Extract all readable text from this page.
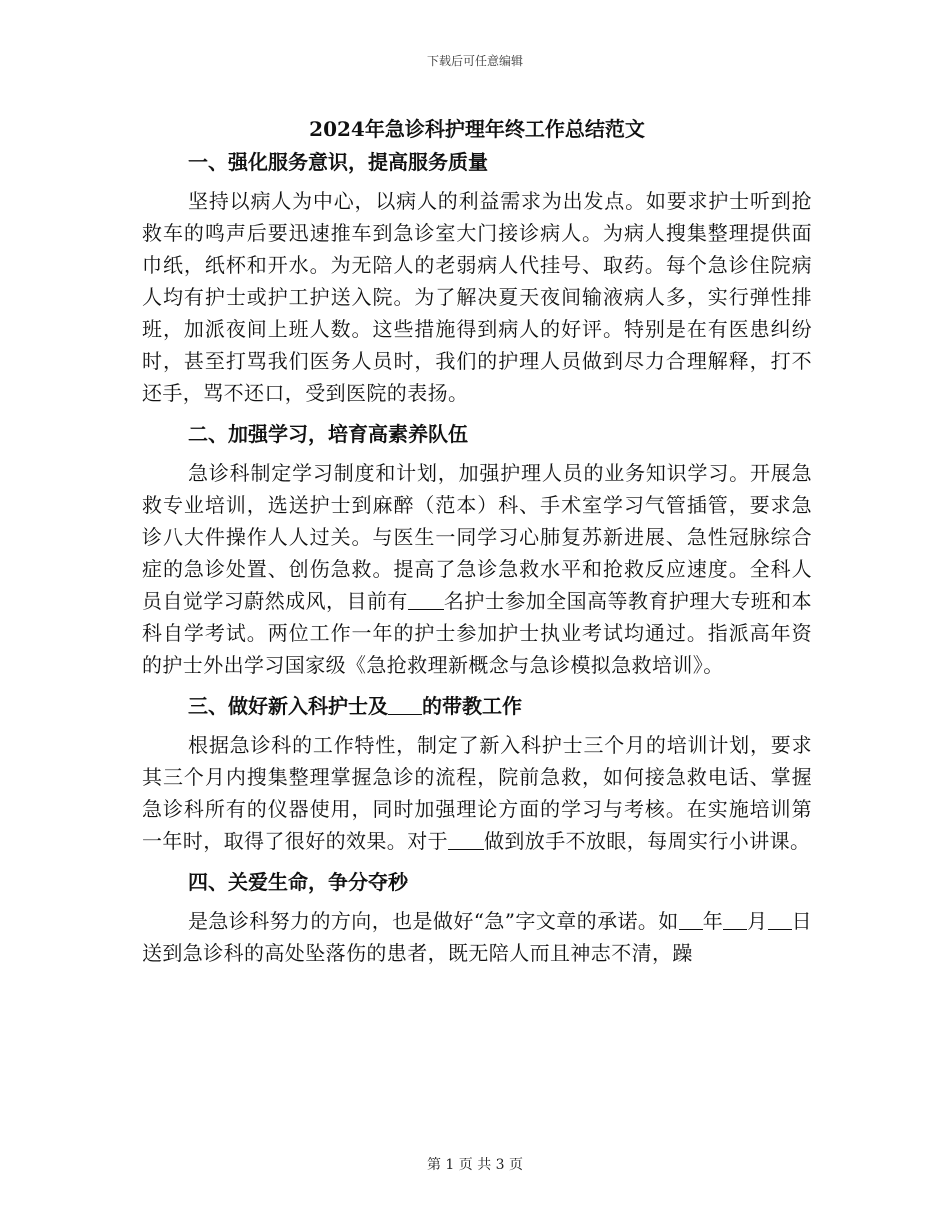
下载后可任意编辑
2024年急诊科护理年终工作总结范文
一、强化服务意识，提高服务质量

坚持以病人为中心，以病人的利益需求为出发点。如要求护士听到抢救车的鸣声后要迅速推车到急诊室大门接诊病人。为病人搜集整理提供面巾纸，纸杯和开水。为无陪人的老弱病人代挂号、取药。每个急诊住院病人均有护士或护工护送入院。为了解决夏天夜间输液病人多，实行弹性排班，加派夜间上班人数。这些措施得到病人的好评。特别是在有医患纠纷时，甚至打骂我们医务人员时，我们的护理人员做到尽力合理解释，打不还手，骂不还口，受到医院的表扬。

二、加强学习，培育高素养队伍

急诊科制定学习制度和计划，加强护理人员的业务知识学习。开展急救专业培训，选送护士到麻醉（范本）科、手术室学习气管插管，要求急诊八大件操作人人过关。与医生一同学习心肺复苏新进展、急性冠脉综合症的急诊处置、创伤急救。提高了急诊急救水平和抢救反应速度。全科人员自觉学习蔚然成风，目前有 名护士参加全国高等教育护理大专班和本科自学考试。两位工作一年的护士参加护士执业考试均通过。指派高年资的护士外出学习国家级《急抢救理新概念与急诊模拟急救培训》。

三、做好新入科护士及 的带教工作

根据急诊科的工作特性，制定了新入科护士三个月的培训计划，要求其三个月内搜集整理掌握急诊的流程，院前急救，如何接急救电话、掌握急诊科所有的仪器使用，同时加强理论方面的学习与考核。在实施培训第一年时，取得了很好的效果。对于 做到放手不放眼，每周实行小讲课。

四、关爱生命，争分夺秒

是急诊科努力的方向，也是做好“急”字文章的承诺。如 年 月 日送到急诊科的高处坠落伤的患者，既无陪人而且神志不清，躁

第 1 页 共 3 页
